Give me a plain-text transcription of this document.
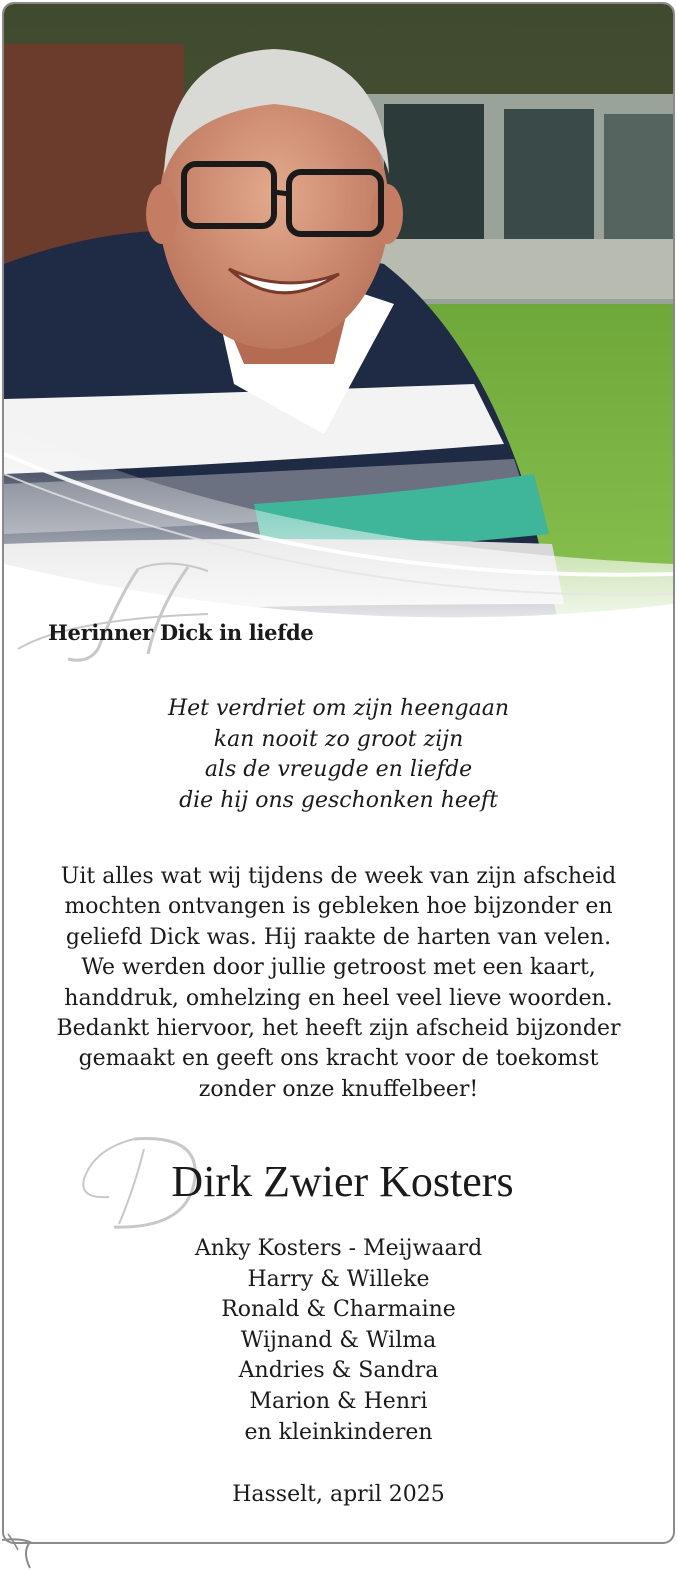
Herinner Dick in liefde
Het verdriet om zijn heengaan
kan nooit zo groot zijn
als de vreugde en liefde
die hij ons geschonken heeft
Uit alles wat wij tijdens de week van zijn afscheid
mochten ontvangen is gebleken hoe bijzonder en
geliefd Dick was. Hij raakte de harten van velen.
We werden door jullie getroost met een kaart,
handdruk, omhelzing en heel veel lieve woorden.
Bedankt hiervoor, het heeft zijn afscheid bijzonder
gemaakt en geeft ons kracht voor de toekomst
zonder onze knuffelbeer!
Dirk Zwier Kosters
Anky Kosters - Meijwaard
Harry & Willeke
Ronald & Charmaine
Wijnand & Wilma
Andries & Sandra
Marion & Henri
en kleinkinderen
Hasselt, april 2025
